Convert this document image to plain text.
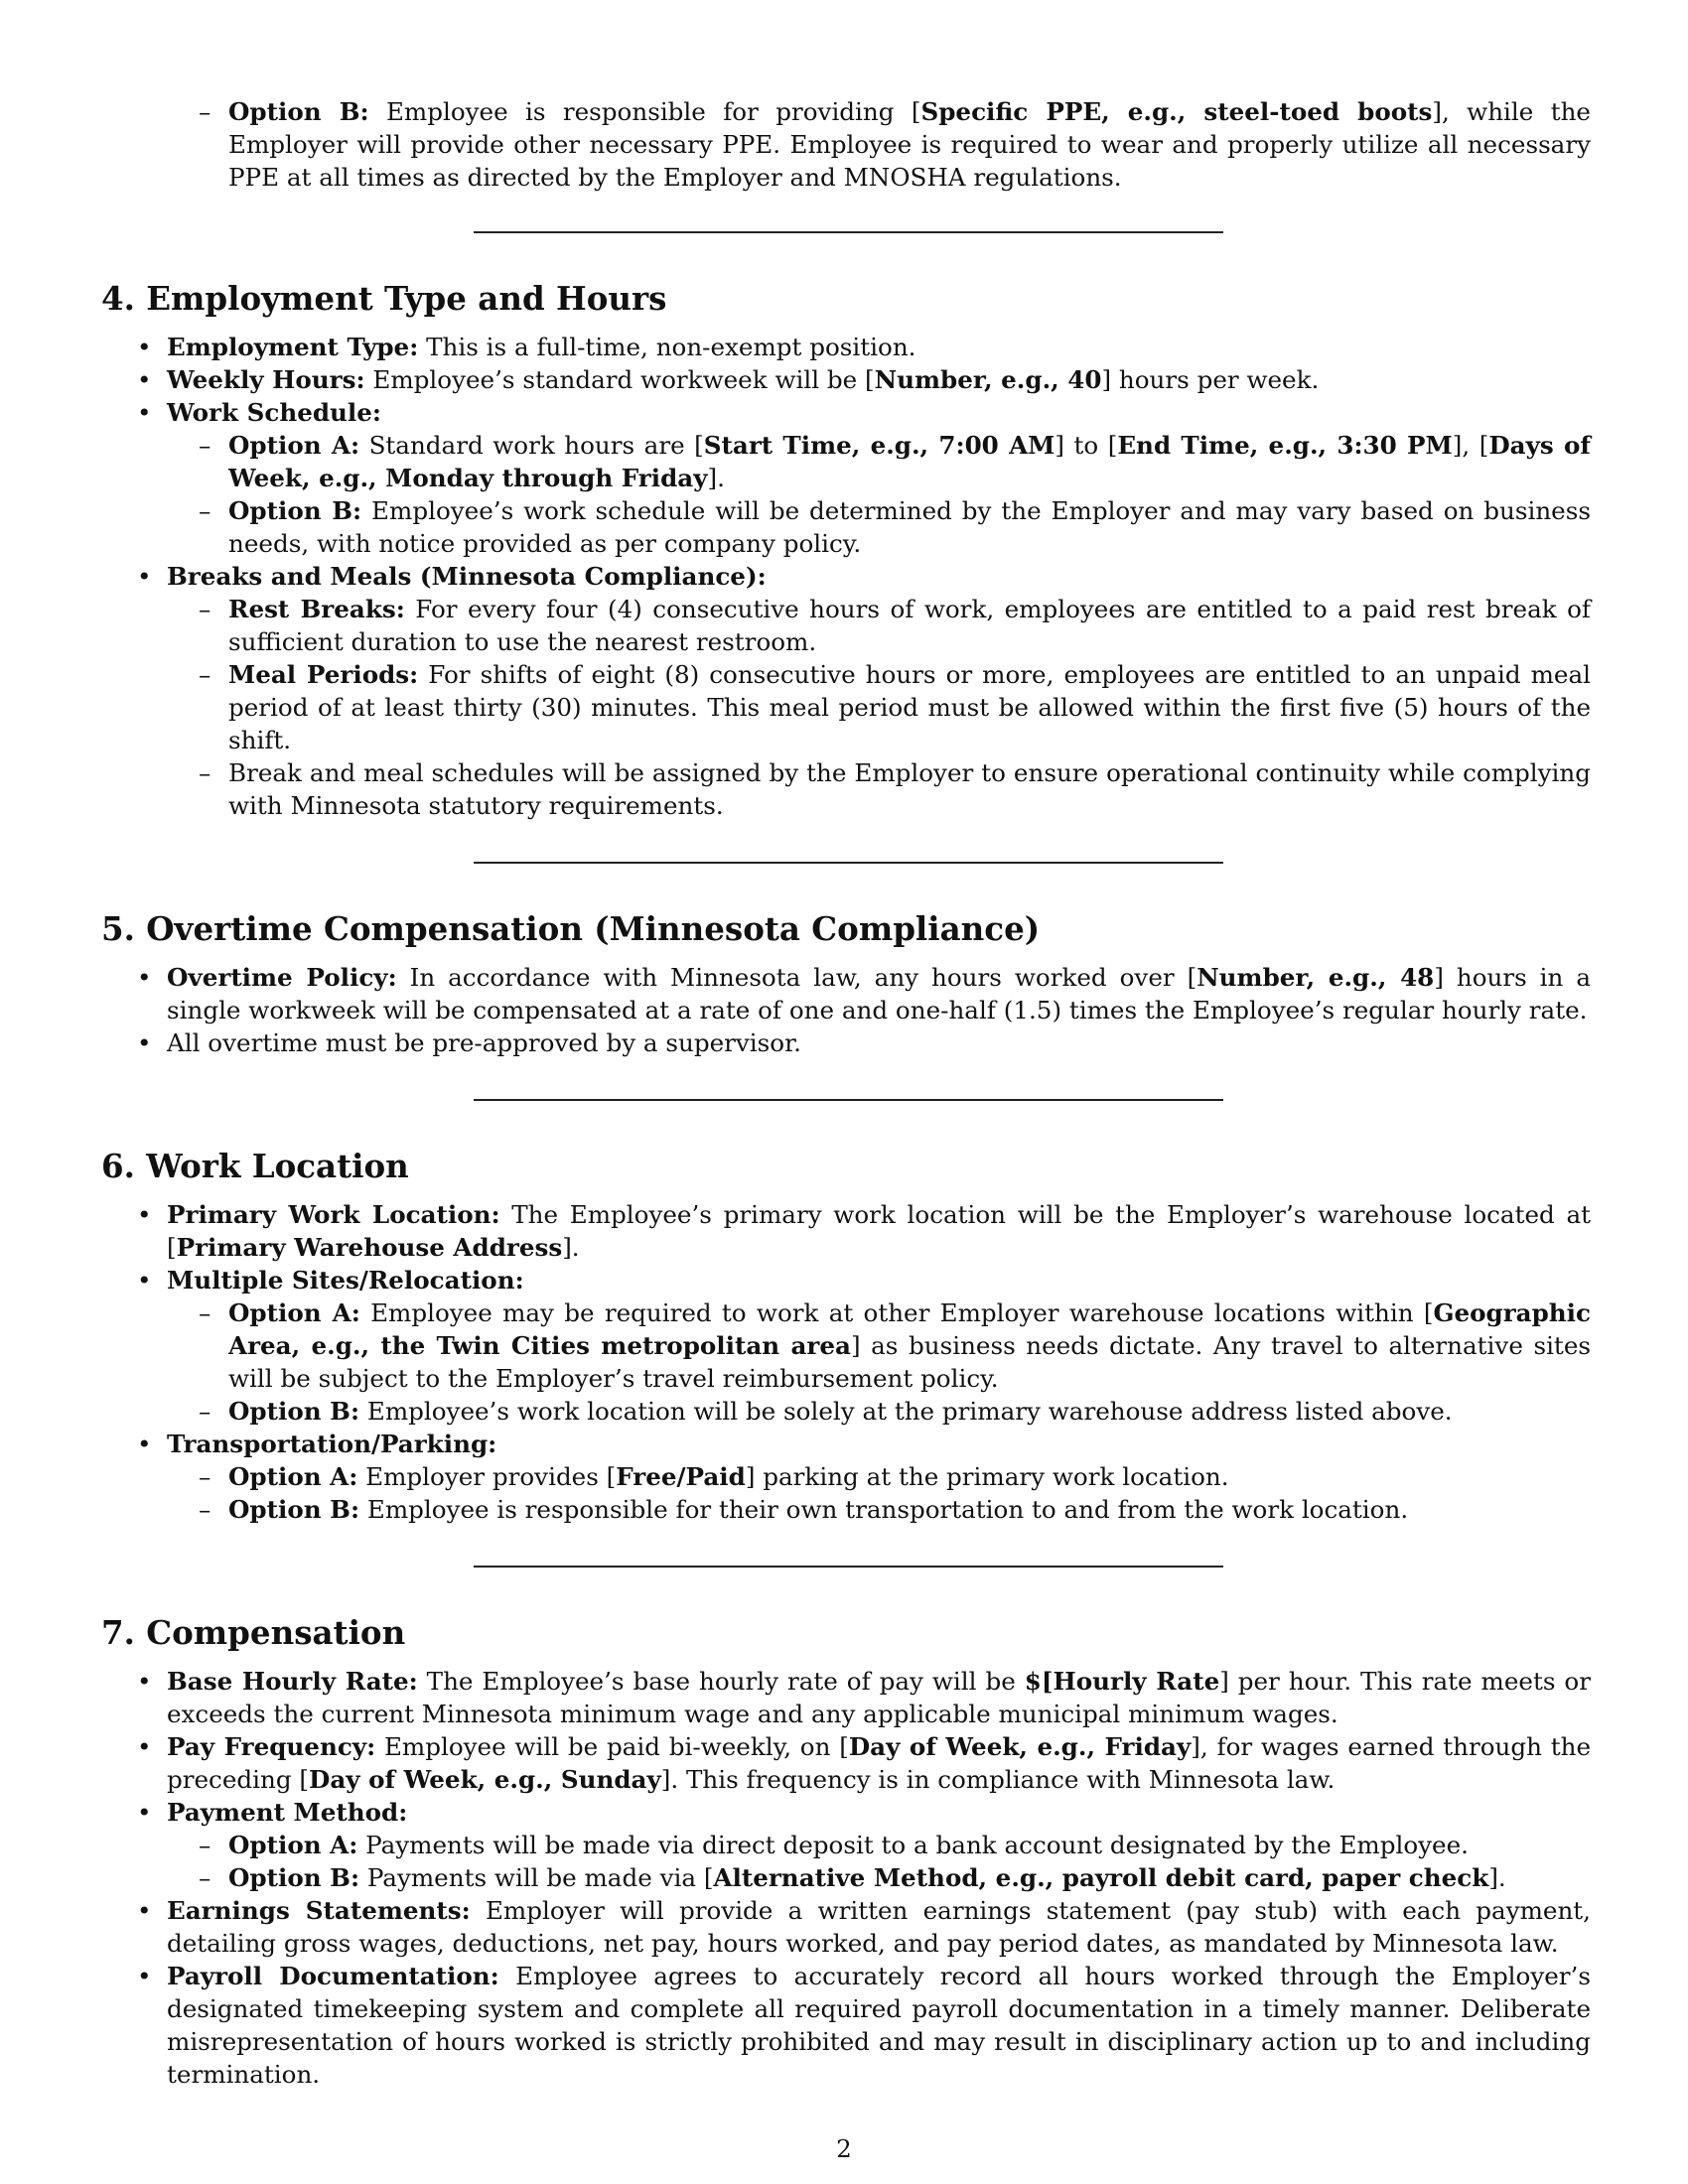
– Option B: Employee is responsible for providing [Specific PPE, e.g., steel-toed boots], while the Employer will provide other necessary PPE. Employee is required to wear and properly utilize all necessary PPE at all times as directed by the Employer and MNOSHA regulations.
4. Employment Type and Hours
• Employment Type: This is a full-time, non-exempt position.
• Weekly Hours: Employee’s standard workweek will be [Number, e.g., 40] hours per week.
• Work Schedule:
– Option A: Standard work hours are [Start Time, e.g., 7:00 AM] to [End Time, e.g., 3:30 PM], [Days of Week, e.g., Monday through Friday].
– Option B: Employee’s work schedule will be determined by the Employer and may vary based on business needs, with notice provided as per company policy.
• Breaks and Meals (Minnesota Compliance):
– Rest Breaks: For every four (4) consecutive hours of work, employees are entitled to a paid rest break of sufficient duration to use the nearest restroom.
– Meal Periods: For shifts of eight (8) consecutive hours or more, employees are entitled to an unpaid meal period of at least thirty (30) minutes. This meal period must be allowed within the first five (5) hours of the shift.
– Break and meal schedules will be assigned by the Employer to ensure operational continuity while complying with Minnesota statutory requirements.
5. Overtime Compensation (Minnesota Compliance)
• Overtime Policy: In accordance with Minnesota law, any hours worked over [Number, e.g., 48] hours in a single workweek will be compensated at a rate of one and one-half (1.5) times the Employee’s regular hourly rate.
• All overtime must be pre-approved by a supervisor.
6. Work Location
• Primary Work Location: The Employee’s primary work location will be the Employer’s warehouse located at [Primary Warehouse Address].
• Multiple Sites/Relocation:
– Option A: Employee may be required to work at other Employer warehouse locations within [Geographic Area, e.g., the Twin Cities metropolitan area] as business needs dictate. Any travel to alternative sites will be subject to the Employer’s travel reimbursement policy.
– Option B: Employee’s work location will be solely at the primary warehouse address listed above.
• Transportation/Parking:
– Option A: Employer provides [Free/Paid] parking at the primary work location.
– Option B: Employee is responsible for their own transportation to and from the work location.
7. Compensation
• Base Hourly Rate: The Employee’s base hourly rate of pay will be $[Hourly Rate] per hour. This rate meets or exceeds the current Minnesota minimum wage and any applicable municipal minimum wages.
• Pay Frequency: Employee will be paid bi-weekly, on [Day of Week, e.g., Friday], for wages earned through the preceding [Day of Week, e.g., Sunday]. This frequency is in compliance with Minnesota law.
• Payment Method:
– Option A: Payments will be made via direct deposit to a bank account designated by the Employee.
– Option B: Payments will be made via [Alternative Method, e.g., payroll debit card, paper check].
• Earnings Statements: Employer will provide a written earnings statement (pay stub) with each payment, detailing gross wages, deductions, net pay, hours worked, and pay period dates, as mandated by Minnesota law.
• Payroll Documentation: Employee agrees to accurately record all hours worked through the Employer’s designated timekeeping system and complete all required payroll documentation in a timely manner. Deliberate misrepresentation of hours worked is strictly prohibited and may result in disciplinary action up to and including termination.
2
